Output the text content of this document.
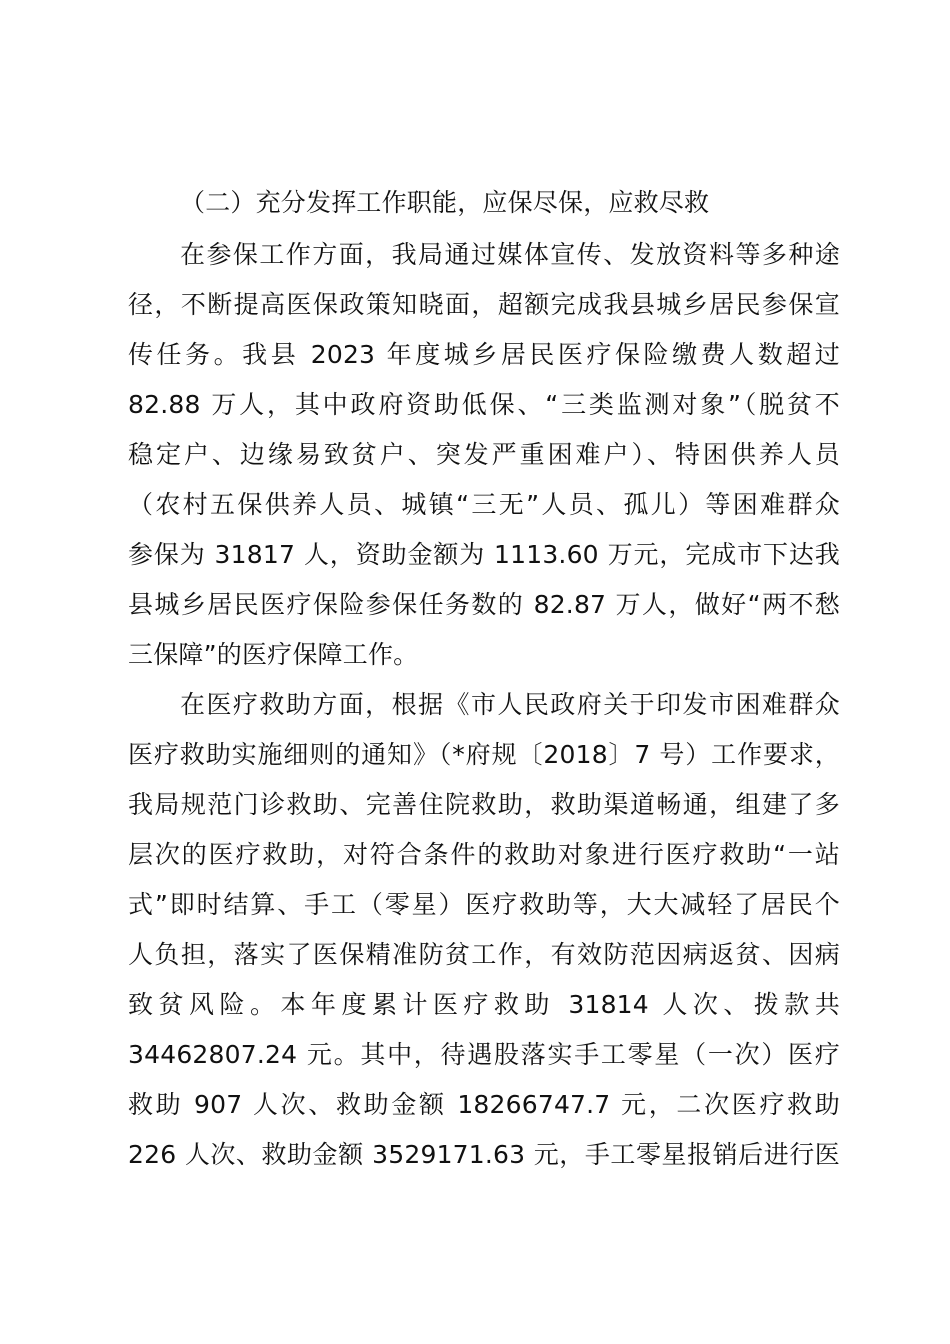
（二）充分发挥工作职能，应保尽保，应救尽救
在参保工作方面，我局通过媒体宣传、发放资料等多种途
径，不断提高医保政策知晓面，超额完成我县城乡居民参保宣
传任务。我县 2023 年度城乡居民医疗保险缴费人数超过
82.88 万人，其中政府资助低保、“三类监测对象”（脱贫不
稳定户、边缘易致贫户、突发严重困难户）、特困供养人员
（农村五保供养人员、城镇“三无”人员、孤儿）等困难群众
参保为 31817 人，资助金额为 1113.60 万元，完成市下达我
县城乡居民医疗保险参保任务数的 82.87 万人，做好“两不愁
三保障”的医疗保障工作。
在医疗救助方面，根据《市人民政府关于印发市困难群众
医疗救助实施细则的通知》（*府规〔2018〕7 号）工作要求，
我局规范门诊救助、完善住院救助，救助渠道畅通，组建了多
层次的医疗救助，对符合条件的救助对象进行医疗救助“一站
式”即时结算、手工（零星）医疗救助等，大大减轻了居民个
人负担，落实了医保精准防贫工作，有效防范因病返贫、因病
致贫风险。本年度累计医疗救助 31814 人次、拨款共
34462807.24 元。其中，待遇股落实手工零星（一次）医疗
救助 907 人次、救助金额 18266747.7 元，二次医疗救助
226 人次、救助金额 3529171.63 元，手工零星报销后进行医
